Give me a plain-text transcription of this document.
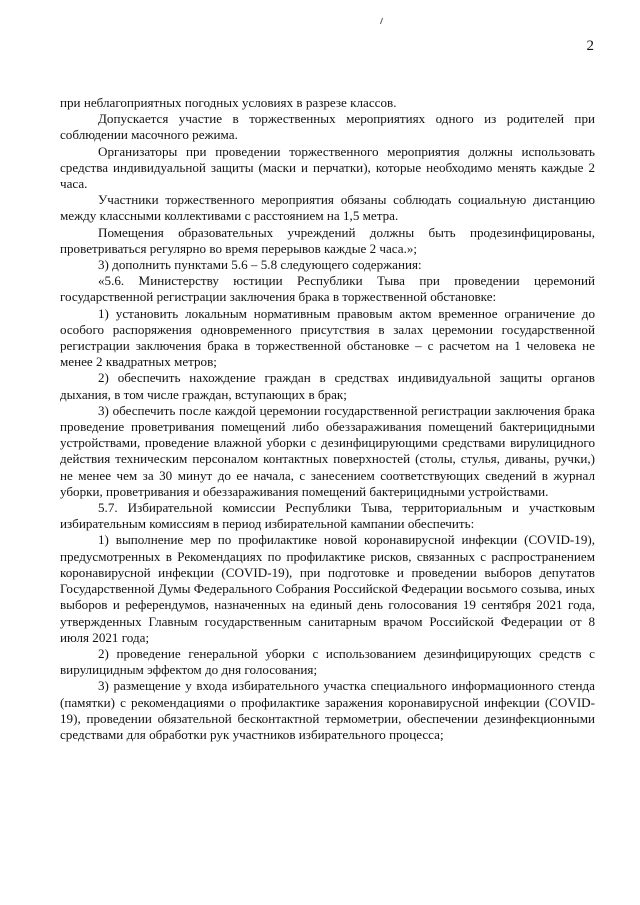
2

при неблагоприятных погодных условиях в разрезе классов.

Допускается участие в торжественных мероприятиях одного из родителей при соблюдении масочного режима.

Организаторы при проведении торжественного мероприятия должны использовать средства индивидуальной защиты (маски и перчатки), которые необходимо менять каждые 2 часа.

Участники торжественного мероприятия обязаны соблюдать социальную дистанцию между классными коллективами с расстоянием на 1,5 метра.

Помещения образовательных учреждений должны быть продезинфицированы, проветриваться регулярно во время перерывов каждые 2 часа.»;

3) дополнить пунктами 5.6 – 5.8 следующего содержания:

«5.6. Министерству юстиции Республики Тыва при проведении церемоний государственной регистрации заключения брака в торжественной обстановке:

1) установить локальным нормативным правовым актом временное ограничение до особого распоряжения одновременного присутствия в залах церемонии государственной регистрации заключения брака в торжественной обстановке – с расчетом на 1 человека не менее 2 квадратных метров;

2) обеспечить нахождение граждан в средствах индивидуальной защиты органов дыхания, в том числе граждан, вступающих в брак;

3) обеспечить после каждой церемонии государственной регистрации заключения брака проведение проветривания помещений либо обеззараживания помещений бактерицидными устройствами, проведение влажной уборки с дезинфицирующими средствами вирулицидного действия техническим персоналом контактных поверхностей (столы, стулья, диваны, ручки,) не менее чем за 30 минут до ее начала, с занесением соответствующих сведений в журнал уборки, проветривания и обеззараживания помещений бактерицидными устройствами.

5.7. Избирательной комиссии Республики Тыва, территориальным и участковым избирательным комиссиям в период избирательной кампании обеспечить:

1) выполнение мер по профилактике новой коронавирусной инфекции (COVID-19), предусмотренных в Рекомендациях по профилактике рисков, связанных с распространением коронавирусной инфекции (COVID-19), при подготовке и проведении выборов депутатов Государственной Думы Федерального Собрания Российской Федерации восьмого созыва, иных выборов и референдумов, назначенных на единый день голосования 19 сентября 2021 года, утвержденных Главным государственным санитарным врачом Российской Федерации от 8 июля 2021 года;

2) проведение генеральной уборки с использованием дезинфицирующих средств с вирулицидным эффектом до дня голосования;

3) размещение у входа избирательного участка специального информационного стенда (памятки) с рекомендациями о профилактике заражения коронавирусной инфекции (COVID-19), проведении обязательной бесконтактной термометрии, обеспечении дезинфекционными средствами для обработки рук участников избирательного процесса;
